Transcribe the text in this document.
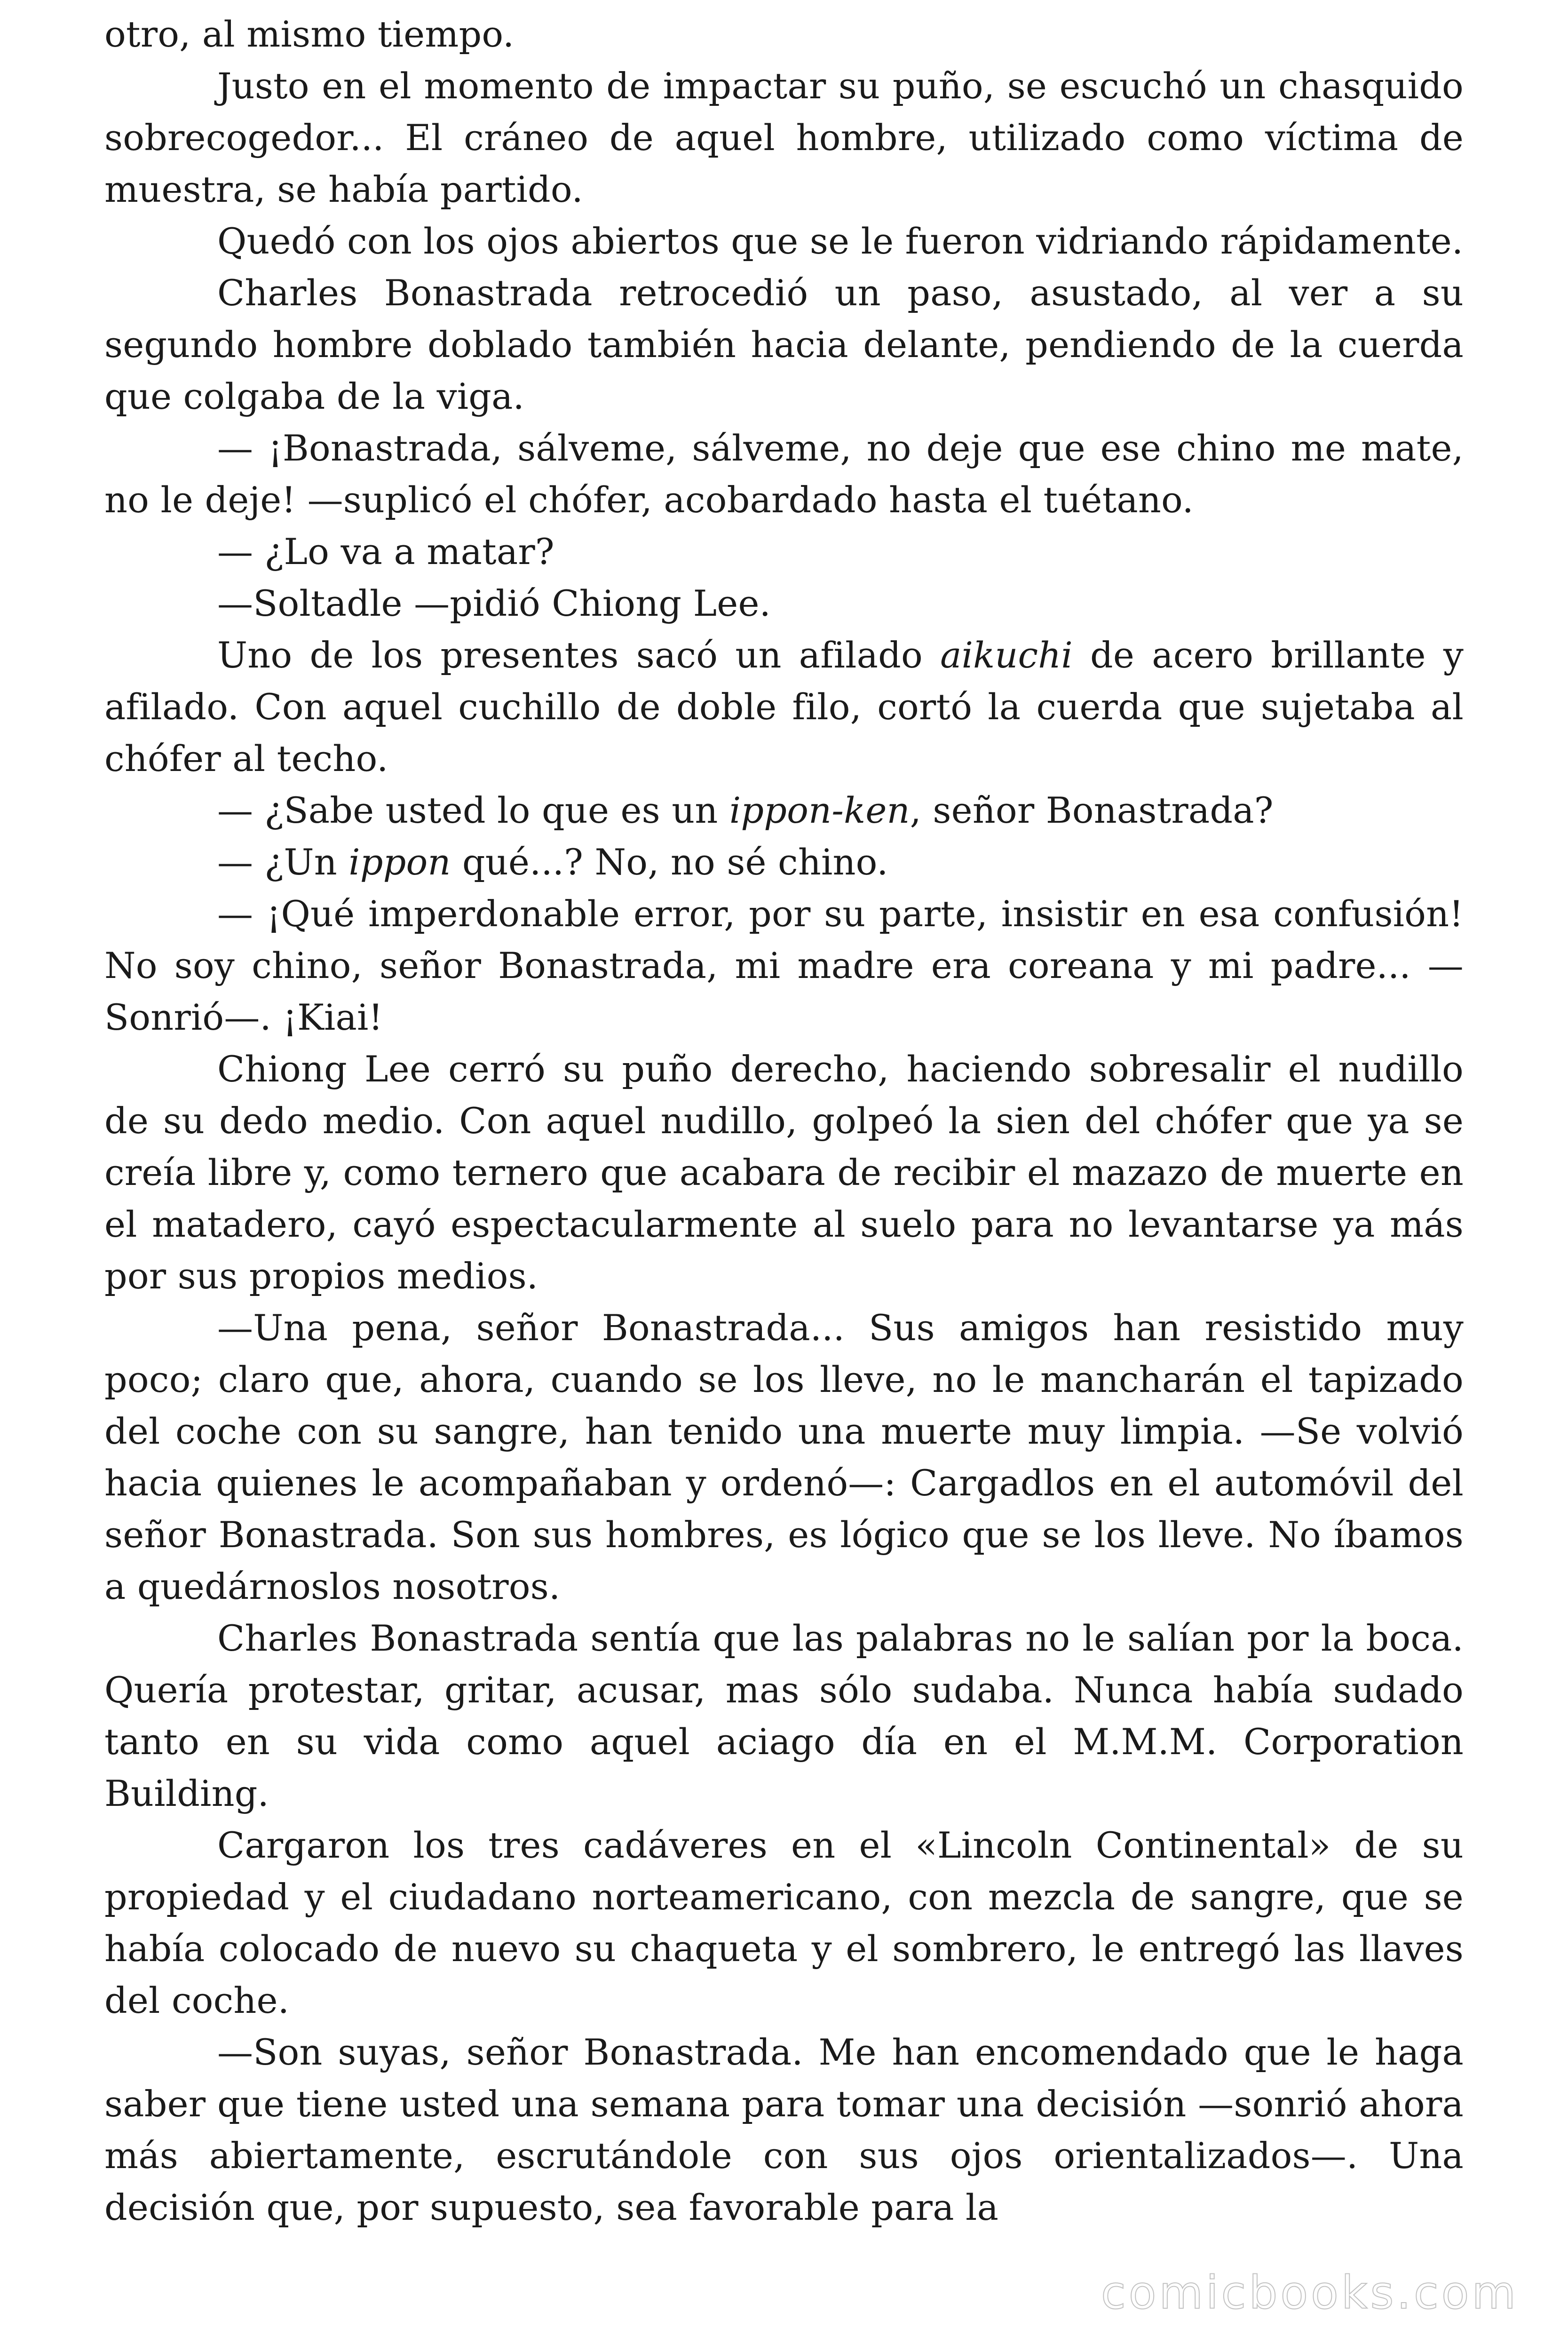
otro, al mismo tiempo.

Justo en el momento de impactar su puño, se escuchó un chasquido sobrecogedor... El cráneo de aquel hombre, utilizado como víctima de muestra, se había partido.

Quedó con los ojos abiertos que se le fueron vidriando rápidamente.

Charles Bonastrada retrocedió un paso, asustado, al ver a su segundo hombre doblado también hacia delante, pendiendo de la cuerda que colgaba de la viga.

— ¡Bonastrada, sálveme, sálveme, no deje que ese chino me mate, no le deje! —suplicó el chófer, acobardado hasta el tuétano.

— ¿Lo va a matar?

—Soltadle —pidió Chiong Lee.

Uno de los presentes sacó un afilado aikuchi de acero brillante y afilado. Con aquel cuchillo de doble filo, cortó la cuerda que sujetaba al chófer al techo.

— ¿Sabe usted lo que es un ippon-ken, señor Bonastrada?

— ¿Un ippon qué...? No, no sé chino.

— ¡Qué imperdonable error, por su parte, insistir en esa confusión! No soy chino, señor Bonastrada, mi madre era coreana y mi padre... —Sonrió—. ¡Kiai!

Chiong Lee cerró su puño derecho, haciendo sobresalir el nudillo de su dedo medio. Con aquel nudillo, golpeó la sien del chófer que ya se creía libre y, como ternero que acabara de recibir el mazazo de muerte en el matadero, cayó espectacularmente al suelo para no levantarse ya más por sus propios medios.

—Una pena, señor Bonastrada... Sus amigos han resistido muy poco; claro que, ahora, cuando se los lleve, no le mancharán el tapizado del coche con su sangre, han tenido una muerte muy limpia. —Se volvió hacia quienes le acompañaban y ordenó—: Cargadlos en el automóvil del señor Bonastrada. Son sus hombres, es lógico que se los lleve. No íbamos a quedárnoslos nosotros.

Charles Bonastrada sentía que las palabras no le salían por la boca. Quería protestar, gritar, acusar, mas sólo sudaba. Nunca había sudado tanto en su vida como aquel aciago día en el M.M.M. Corporation Building.

Cargaron los tres cadáveres en el «Lincoln Continental» de su propiedad y el ciudadano norteamericano, con mezcla de sangre, que se había colocado de nuevo su chaqueta y el sombrero, le entregó las llaves del coche.

—Son suyas, señor Bonastrada. Me han encomendado que le haga saber que tiene usted una semana para tomar una decisión —sonrió ahora más abiertamente, escrutándole con sus ojos orientalizados—. Una decisión que, por supuesto, sea favorable para la

comicbooks.com
